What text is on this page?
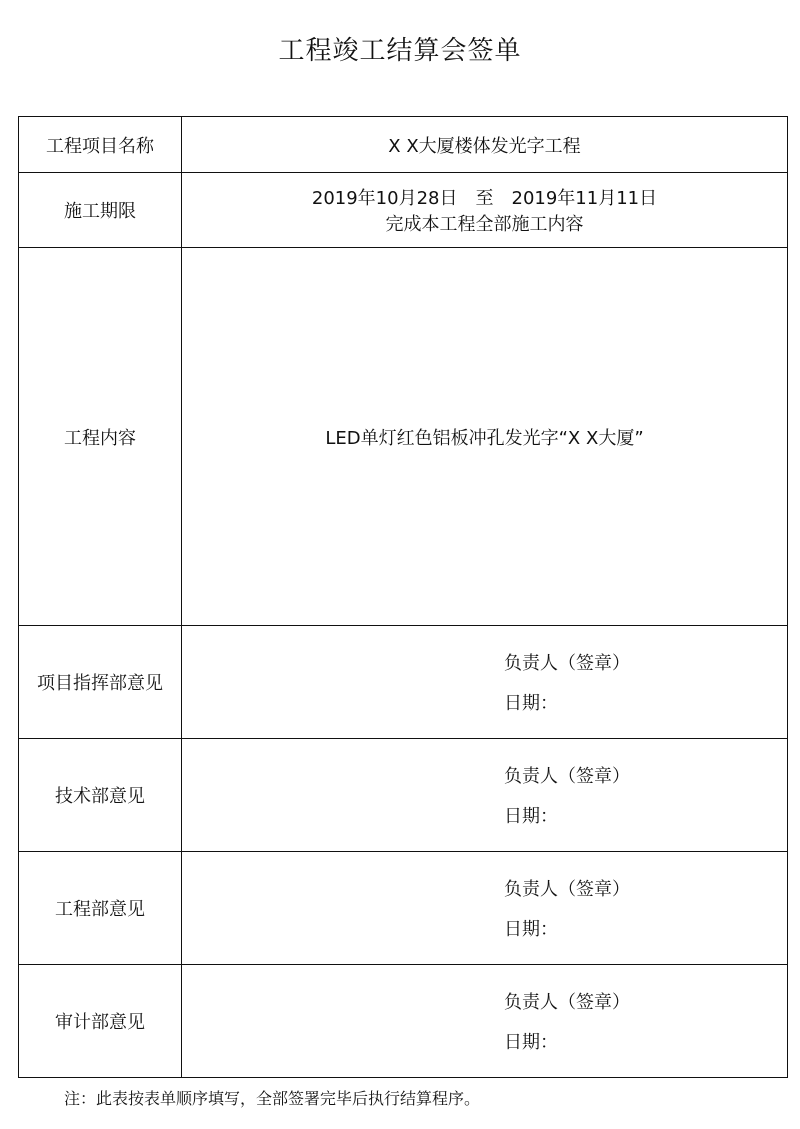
工程竣工结算会签单
工程项目名称	X X大厦楼体发光字工程
施工期限	2019年10月28日　至　2019年11月11日
完成本工程全部施工内容

工程内容	LED单灯红色铝板冲孔发光字“X X大厦”
项目指挥部意见	负责人（签章）
日期：

技术部意见	负责人（签章）
日期：

工程部意见	负责人（签章）
日期：

审计部意见	负责人（签章）
日期：
注：此表按表单顺序填写，全部签署完毕后执行结算程序。
